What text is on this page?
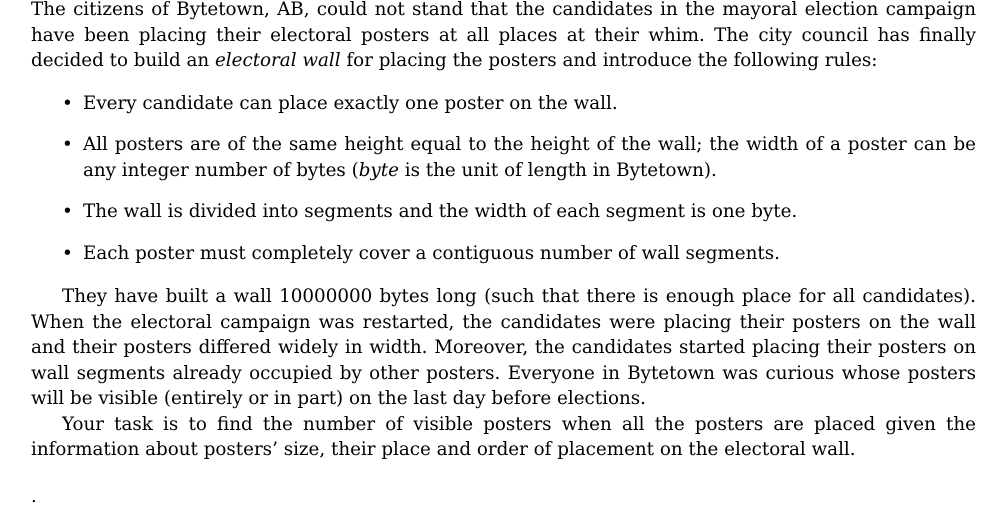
The citizens of Bytetown, AB, could not stand that the candidates in the mayoral election campaign have been placing their electoral posters at all places at their whim. The city council has finally decided to build an electoral wall for placing the posters and introduce the following rules:

• Every candidate can place exactly one poster on the wall.
• All posters are of the same height equal to the height of the wall; the width of a poster can be any integer number of bytes (byte is the unit of length in Bytetown).
• The wall is divided into segments and the width of each segment is one byte.
• Each poster must completely cover a contiguous number of wall segments.

They have built a wall 10000000 bytes long (such that there is enough place for all candidates). When the electoral campaign was restarted, the candidates were placing their posters on the wall and their posters differed widely in width. Moreover, the candidates started placing their posters on wall segments already occupied by other posters. Everyone in Bytetown was curious whose posters will be visible (entirely or in part) on the last day before elections.

Your task is to find the number of visible posters when all the posters are placed given the information about posters’ size, their place and order of placement on the electoral wall.

.
